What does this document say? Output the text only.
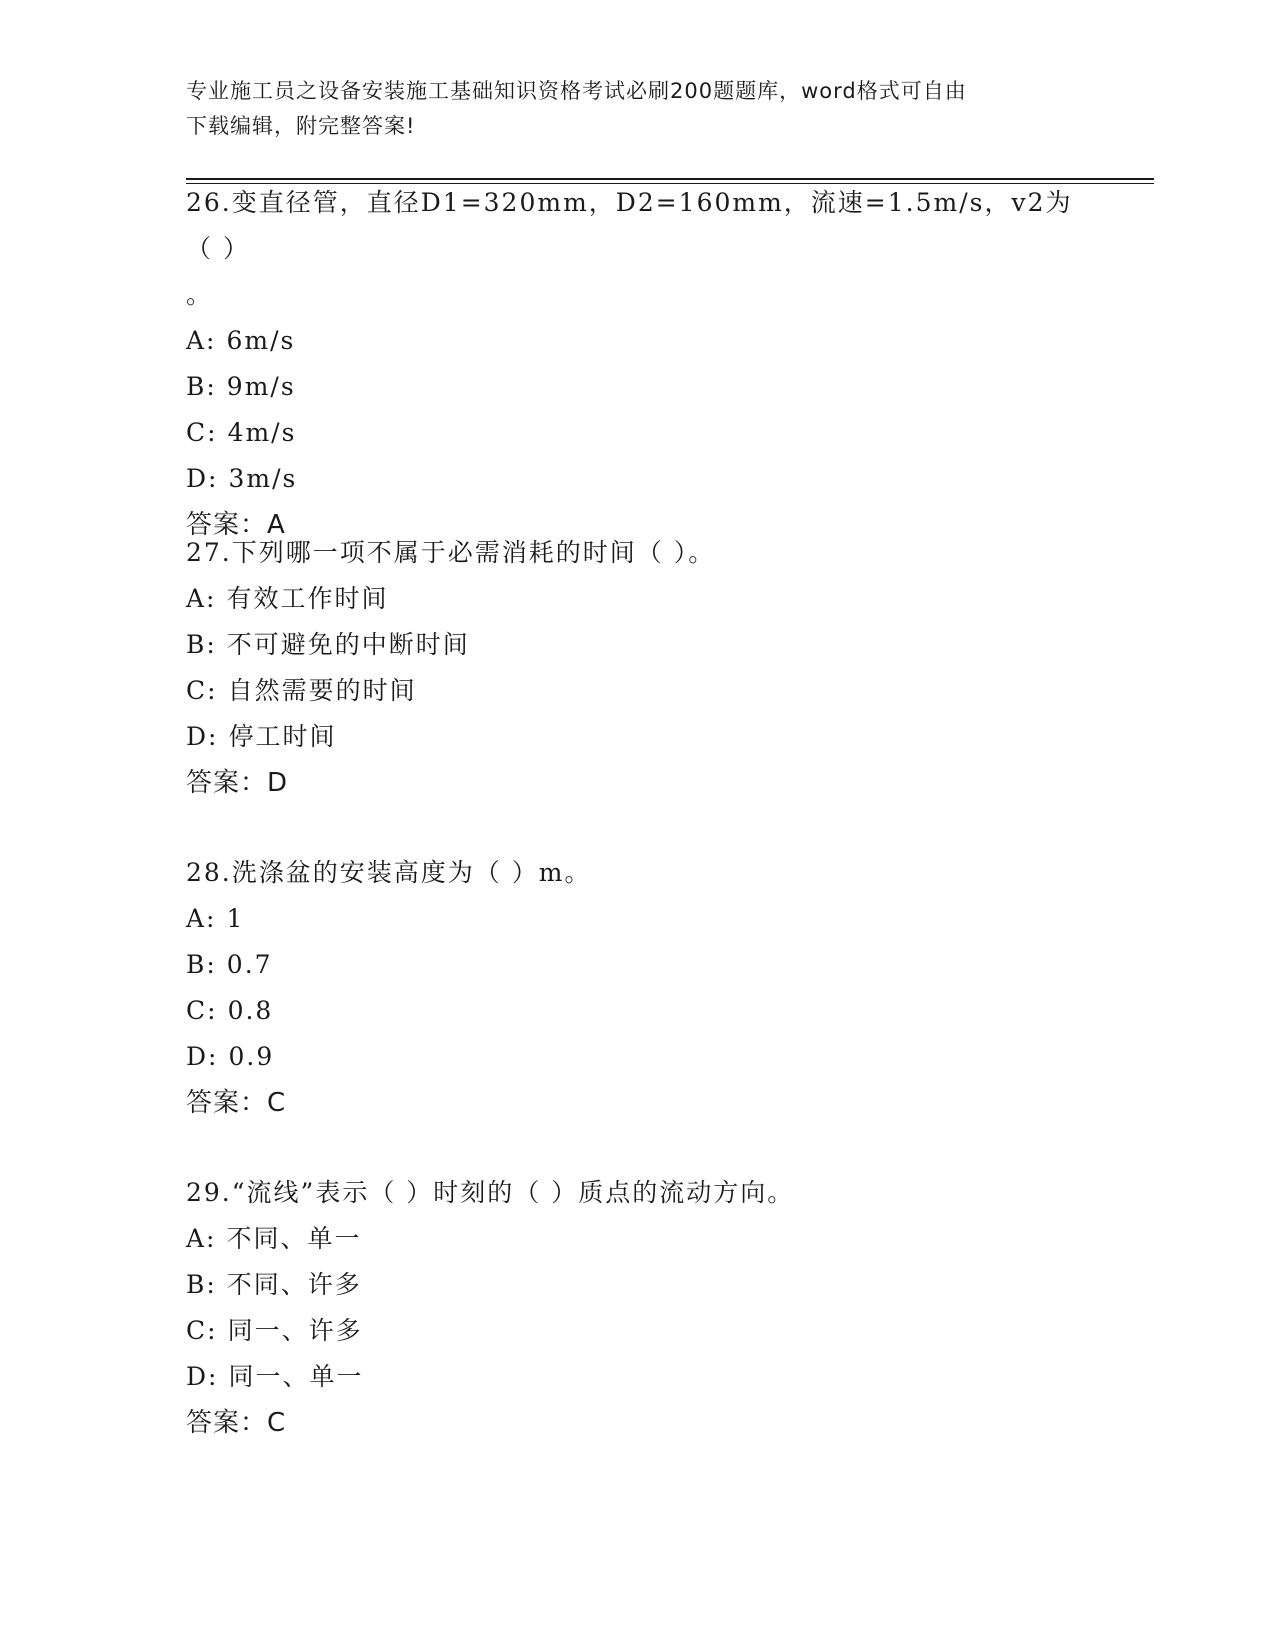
专业施工员之设备安装施工基础知识资格考试必刷200题题库，word格式可自由
下载编辑，附完整答案!

26.变直径管，直径D1=320mm，D2=160mm，流速=1.5m/s，v2为（ ）
。

A: 6m/s
B: 9m/s
C: 4m/s
D: 3m/s
答案：A

27.下列哪一项不属于必需消耗的时间（ ）。

A: 有效工作时间
B: 不可避免的中断时间
C: 自然需要的时间
D: 停工时间
答案：D

28.洗涤盆的安装高度为（ ）m。

A: 1
B: 0.7
C: 0.8
D: 0.9
答案：C

29.“流线”表示（ ）时刻的（ ）质点的流动方向。

A: 不同、单一
B: 不同、许多
C: 同一、许多
D: 同一、单一
答案：C
